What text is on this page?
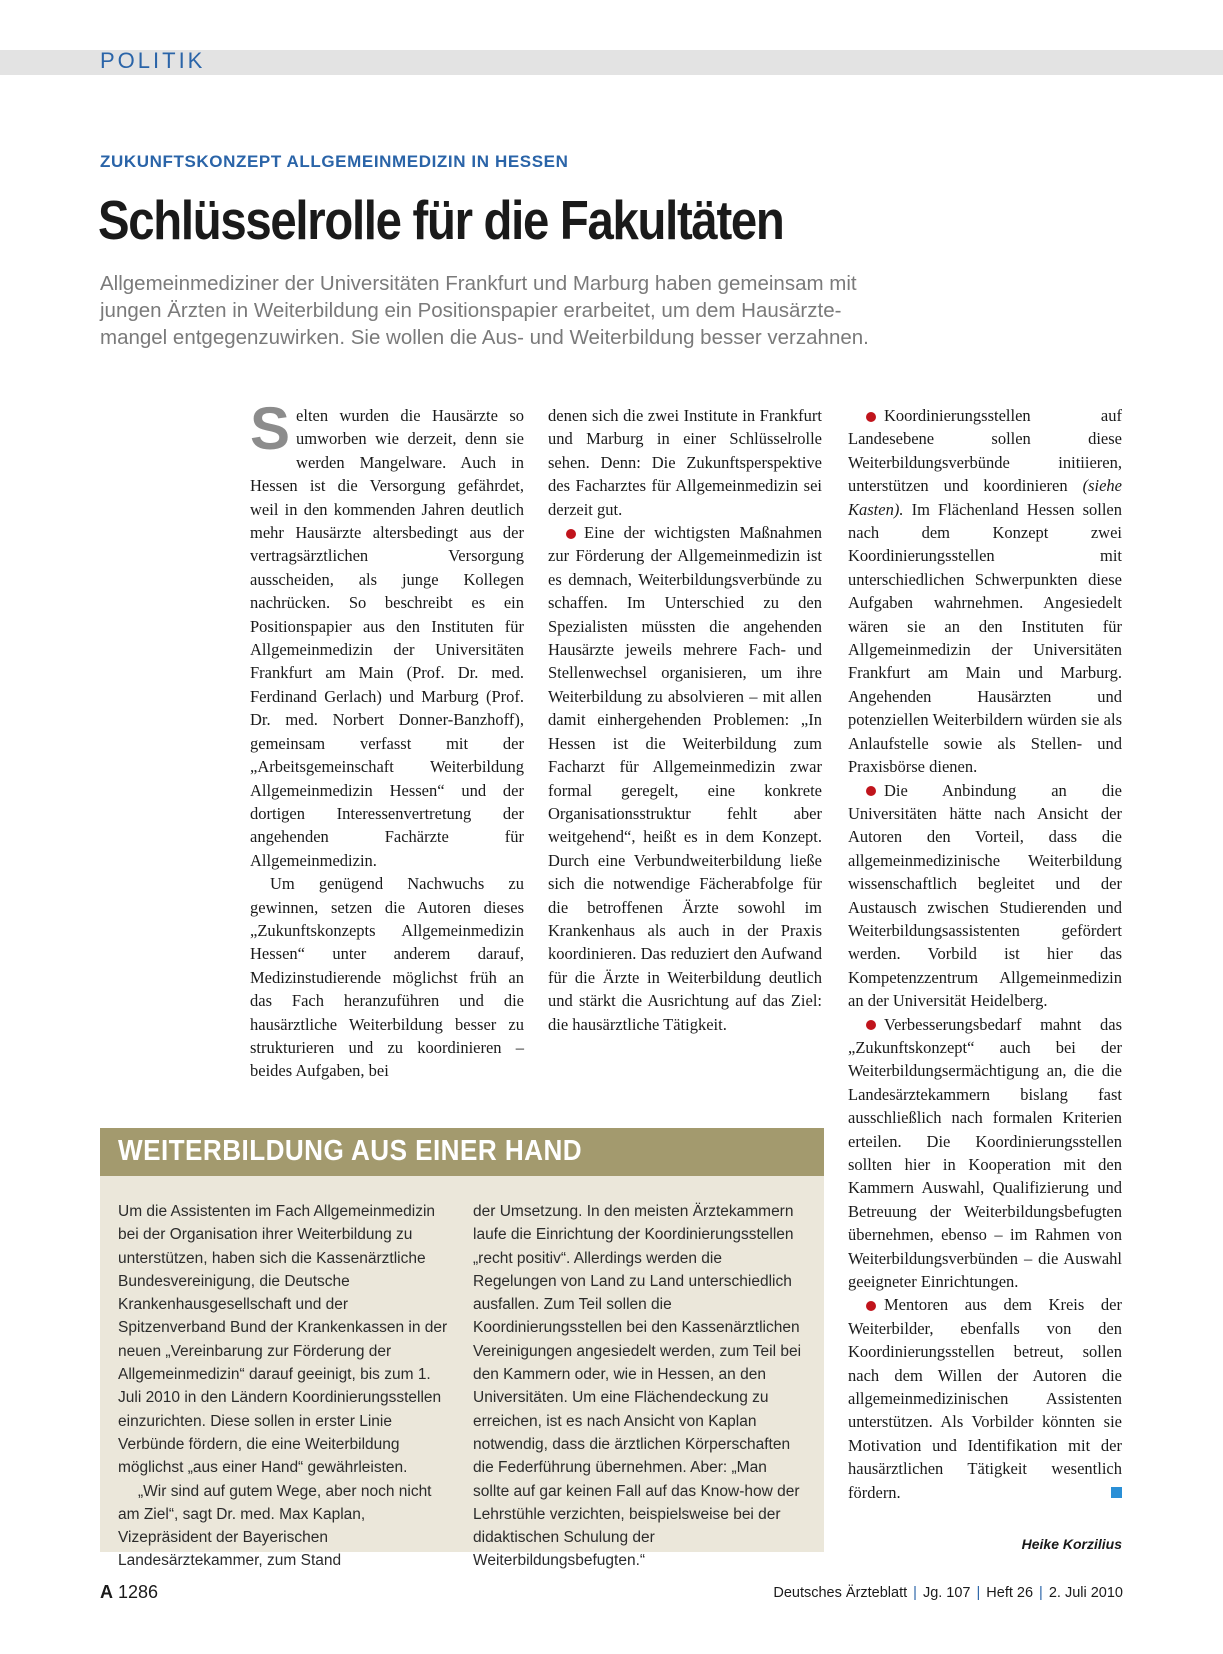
POLITIK
ZUKUNFTSKONZEPT ALLGEMEINMEDIZIN IN HESSEN
Schlüsselrolle für die Fakultäten
Allgemeinmediziner der Universitäten Frankfurt und Marburg haben gemeinsam mit
jungen Ärzten in Weiterbildung ein Positionspapier erarbeitet, um dem Hausärzte-
mangel entgegenzuwirken. Sie wollen die Aus- und Weiterbildung besser verzahnen.

Selten wurden die Hausärzte so umworben wie derzeit, denn sie werden Mangelware. Auch in Hessen ist die Versorgung gefährdet, weil in den kommenden Jahren deutlich mehr Hausärzte altersbedingt aus der vertragsärztlichen Versorgung ausscheiden, als junge Kollegen nachrücken. So beschreibt es ein Positionspapier aus den Instituten für Allgemeinmedizin der Universitäten Frankfurt am Main (Prof. Dr. med. Ferdinand Gerlach) und Marburg (Prof. Dr. med. Norbert Donner-Banzhoff), gemeinsam verfasst mit der „Arbeitsgemeinschaft Weiterbildung Allgemeinmedizin Hessen“ und der dortigen Interessenvertretung der angehenden Fachärzte für Allgemeinmedizin.

Um genügend Nachwuchs zu gewinnen, setzen die Autoren dieses „Zukunftskonzepts Allgemeinmedizin Hessen“ unter anderem darauf, Medizinstudierende möglichst früh an das Fach heranzuführen und die hausärztliche Weiterbildung besser zu strukturieren und zu koordinieren – beides Aufgaben, bei

denen sich die zwei Institute in Frankfurt und Marburg in einer Schlüsselrolle sehen. Denn: Die Zukunftsperspektive des Facharztes für Allgemeinmedizin sei derzeit gut.

Eine der wichtigsten Maßnahmen zur Förderung der Allgemeinmedizin ist es demnach, Weiterbildungsverbünde zu schaffen. Im Unterschied zu den Spezialisten müssten die angehenden Hausärzte jeweils mehrere Fach- und Stellenwechsel organisieren, um ihre Weiterbildung zu absolvieren – mit allen damit einhergehenden Problemen: „In Hessen ist die Weiterbildung zum Facharzt für Allgemeinmedizin zwar formal geregelt, eine konkrete Organisationsstruktur fehlt aber weitgehend“, heißt es in dem Konzept. Durch eine Verbundweiterbildung ließe sich die notwendige Fächerabfolge für die betroffenen Ärzte sowohl im Krankenhaus als auch in der Praxis koordinieren. Das reduziert den Aufwand für die Ärzte in Weiterbildung deutlich und stärkt die Ausrichtung auf das Ziel: die hausärztliche Tätigkeit.

Koordinierungsstellen auf Landesebene sollen diese Weiterbildungsverbünde initiieren, unterstützen und koordinieren (siehe Kasten). Im Flächenland Hessen sollen nach dem Konzept zwei Koordinierungsstellen mit unterschiedlichen Schwerpunkten diese Aufgaben wahrnehmen. Angesiedelt wären sie an den Instituten für Allgemeinmedizin der Universitäten Frankfurt am Main und Marburg. Angehenden Hausärzten und potenziellen Weiterbildern würden sie als Anlaufstelle sowie als Stellen- und Praxisbörse dienen.

Die Anbindung an die Universitäten hätte nach Ansicht der Autoren den Vorteil, dass die allgemeinmedizinische Weiterbildung wissenschaftlich begleitet und der Austausch zwischen Studierenden und Weiterbildungsassistenten gefördert werden. Vorbild ist hier das Kompetenzzentrum Allgemeinmedizin an der Universität Heidelberg.

Verbesserungsbedarf mahnt das „Zukunftskonzept“ auch bei der Weiterbildungsermächtigung an, die die Landesärztekammern bislang fast ausschließlich nach formalen Kriterien erteilen. Die Koordinierungsstellen sollten hier in Kooperation mit den Kammern Auswahl, Qualifizierung und Betreuung der Weiterbildungsbefugten übernehmen, ebenso – im Rahmen von Weiterbildungsverbünden – die Auswahl geeigneter Einrichtungen.

Mentoren aus dem Kreis der Weiterbilder, ebenfalls von den Koordinierungsstellen betreut, sollen nach dem Willen der Autoren die allgemeinmedizinischen Assistenten unterstützen. Als Vorbilder könnten sie Motivation und Identifikation mit der hausärztlichen Tätigkeit wesentlich fördern.

Heike Korzilius
WEITERBILDUNG AUS EINER HAND

Um die Assistenten im Fach Allgemeinmedizin bei der Organisation ihrer Weiterbildung zu unterstützen, haben sich die Kassenärztliche Bundesvereinigung, die Deutsche Krankenhausgesellschaft und der Spitzenverband Bund der Krankenkassen in der neuen „Vereinbarung zur Förderung der Allgemeinmedizin“ darauf geeinigt, bis zum 1. Juli 2010 in den Ländern Koordinierungsstellen einzurichten. Diese sollen in erster Linie Verbünde fördern, die eine Weiterbildung möglichst „aus einer Hand“ gewährleisten.

„Wir sind auf gutem Wege, aber noch nicht am Ziel“, sagt Dr. med. Max Kaplan, Vizepräsident der Bayerischen Landesärztekammer, zum Stand

der Umsetzung. In den meisten Ärztekammern laufe die Einrichtung der Koordinierungsstellen „recht positiv“. Allerdings werden die Regelungen von Land zu Land unterschiedlich ausfallen. Zum Teil sollen die Koordinierungsstellen bei den Kassenärztlichen Vereinigungen angesiedelt werden, zum Teil bei den Kammern oder, wie in Hessen, an den Universitäten. Um eine Flächendeckung zu erreichen, ist es nach Ansicht von Kaplan notwendig, dass die ärztlichen Körperschaften die Federführung übernehmen. Aber: „Man sollte auf gar keinen Fall auf das Know-how der Lehrstühle verzichten, beispielsweise bei der didaktischen Schulung der Weiterbildungsbefugten.“

A 1286	Deutsches Ärzteblatt | Jg. 107 | Heft 26 | 2. Juli 2010
